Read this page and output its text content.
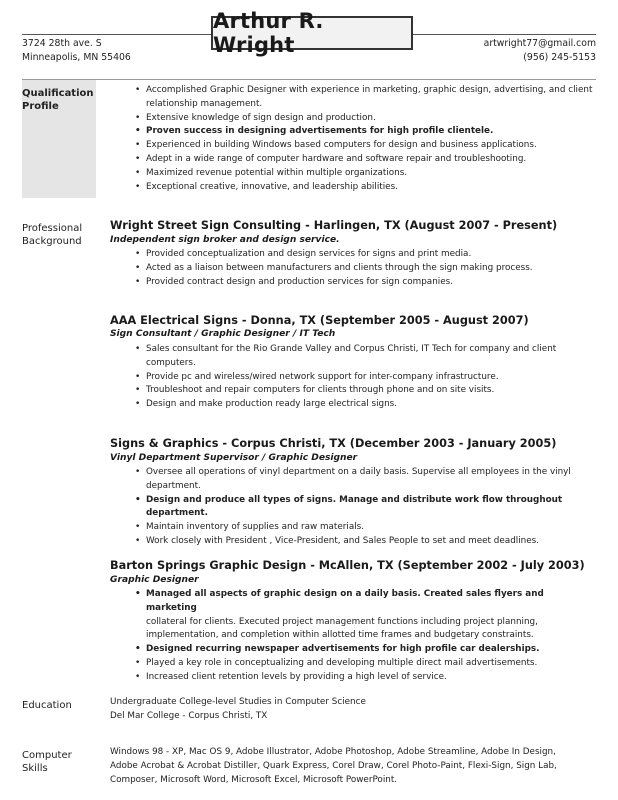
Arthur R. Wright
3724 28th ave. S
Minneapolis, MN 55406
artwright77@gmail.com
(956) 245-5153
Qualification
Profile
• Accomplished Graphic Designer with experience in marketing, graphic design, advertising, and client relationship management.
• Extensive knowledge of sign design and production.
• Proven success in designing advertisements for high profile clientele.
• Experienced in building Windows based computers for design and business applications.
• Adept in a wide range of computer hardware and software repair and troubleshooting.
• Maximized revenue potential within multiple organizations.
• Exceptional creative, innovative, and leadership abilities.
Professional
Background
Wright Street Sign Consulting - Harlingen, TX (August 2007 - Present)
Independent sign broker and design service.
• Provided conceptualization and design services for signs and print media.
• Acted as a liaison between manufacturers and clients through the sign making process.
• Provided contract design and production services for sign companies.
AAA Electrical Signs - Donna, TX (September 2005 - August 2007)
Sign Consultant / Graphic Designer / IT Tech
• Sales consultant for the Rio Grande Valley and Corpus Christi, IT Tech for company and client computers.
• Provide pc and wireless/wired network support for inter-company infrastructure.
• Troubleshoot and repair computers for clients through phone and on site visits.
• Design and make production ready large electrical signs.
Signs & Graphics - Corpus Christi, TX (December 2003 - January 2005)
Vinyl Department Supervisor / Graphic Designer
• Oversee all operations of vinyl department on a daily basis. Supervise all employees in the vinyl department.
• Design and produce all types of signs. Manage and distribute work flow throughout department.
• Maintain inventory of supplies and raw materials.
• Work closely with President , Vice-President, and Sales People to set and meet deadlines.
Barton Springs Graphic Design - McAllen, TX (September 2002 - July 2003)
Graphic Designer
• Managed all aspects of graphic design on a daily basis. Created sales flyers and marketing
collateral for clients. Executed project management functions including project planning, implementation, and completion within allotted time frames and budgetary constraints.
• Designed recurring newspaper advertisements for high profile car dealerships.
• Played a key role in conceptualizing and developing multiple direct mail advertisements.
• Increased client retention levels by providing a high level of service.
Education	Undergraduate College-level Studies in Computer Science
Del Mar College - Corpus Christi, TX
Computer
Skills
Windows 98 - XP, Mac OS 9, Adobe Illustrator, Adobe Photoshop, Adobe Streamline, Adobe In Design,
Adobe Acrobat & Acrobat Distiller, Quark Express, Corel Draw, Corel Photo-Paint, Flexi-Sign, Sign Lab,
Composer, Microsoft Word, Microsoft Excel, Microsoft PowerPoint.
